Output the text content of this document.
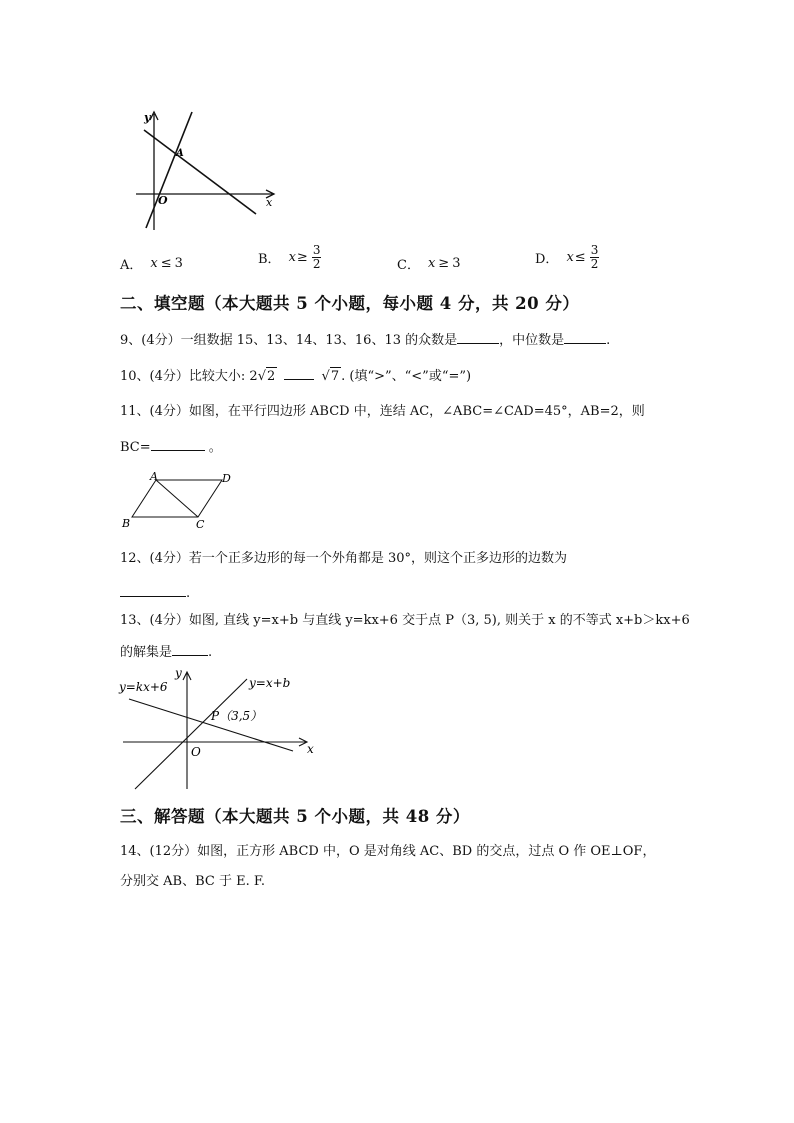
y
x
O
A
A． x ≤ 3	B． $x \ge \frac{3}{2}$	C． x ≥ 3	D． $x \le \frac{3}{2}$
二、填空题（本大题共 5 个小题，每小题 4 分，共 20 分）
9、(4分）一组数据 15、13、14、13、16、13 的众数是	，中位数是	.
10、(4分）比较大小: 2 √ 2
	√ 7 . (填“>”、“<”或“=”)
11、(4分）如图，在平行四边形 ABCD 中，连结 AC，∠ABC=∠CAD=45°，AB=2，则
BC=	。
A	D
B	C
12、(4分）若一个正多边形的每一个外角都是 30°，则这个正多边形的边数为
.
13、(4分）如图, 直线 y=x+b 与直线 y=kx+6 交于点 P（3, 5), 则关于 x 的不等式 x+b＞kx+6
的解集是	.
y=kx+6	y=x+b
P（3,5）
y
x
O
三、解答题（本大题共 5 个小题，共 48 分）
14、(12分）如图，正方形 ABCD 中，O 是对角线 AC、BD 的交点，过点 O 作 OE⊥OF，
分别交 AB、BC 于 E. F.
